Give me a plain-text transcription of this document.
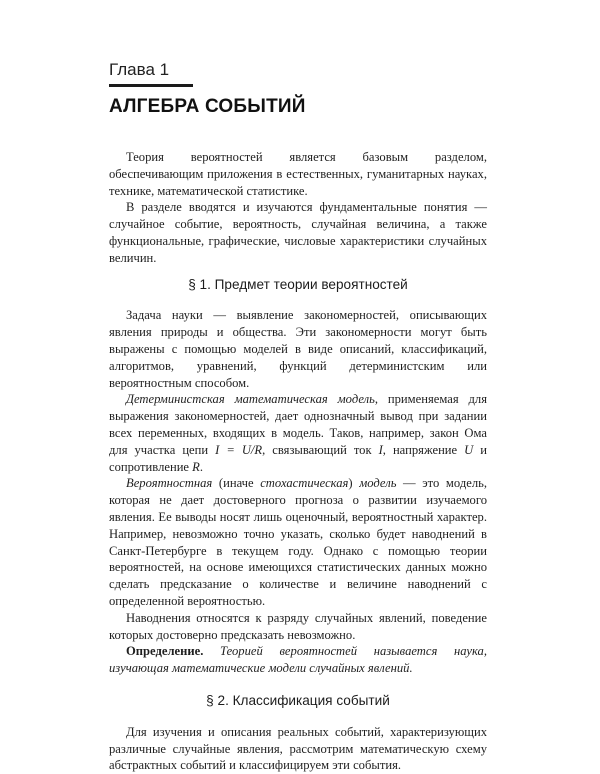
Глава 1
АЛГЕБРА СОБЫТИЙ

Теория вероятностей является базовым разделом, обеспечивающим приложения в естественных, гуманитарных науках, технике, математической статистике.

В разделе вводятся и изучаются фундаментальные понятия — случайное событие, вероятность, случайная величина, а также функциональные, графические, числовые характеристики случайных величин.

§ 1. Предмет теории вероятностей

Задача науки — выявление закономерностей, описывающих явления природы и общества. Эти закономерности могут быть выражены с помощью моделей в виде описаний, классификаций, алгоритмов, уравнений, функций детерминистским или вероятностным способом.

Детерминистская математическая модель, применяемая для выражения закономерностей, дает однозначный вывод при задании всех переменных, входящих в модель. Таков, например, закон Ома для участка цепи I = U/R, связывающий ток I, напряжение U и сопротивление R.

Вероятностная (иначе стохастическая) модель — это модель, которая не дает достоверного прогноза о развитии изучаемого явления. Ее выводы носят лишь оценочный, вероятностный характер. Например, невозможно точно указать, сколько будет наводнений в Санкт-Петербурге в текущем году. Однако с помощью теории вероятностей, на основе имеющихся статистических данных можно сделать предсказание о количестве и величине наводнений с определенной вероятностью.

Наводнения относятся к разряду случайных явлений, поведение которых достоверно предсказать невозможно.

Определение. Теорией вероятностей называется наука, изучающая математические модели случайных явлений.

§ 2. Классификация событий

Для изучения и описания реальных событий, характеризующих различные случайные явления, рассмотрим математическую схему абстрактных событий и классифицируем эти события.
